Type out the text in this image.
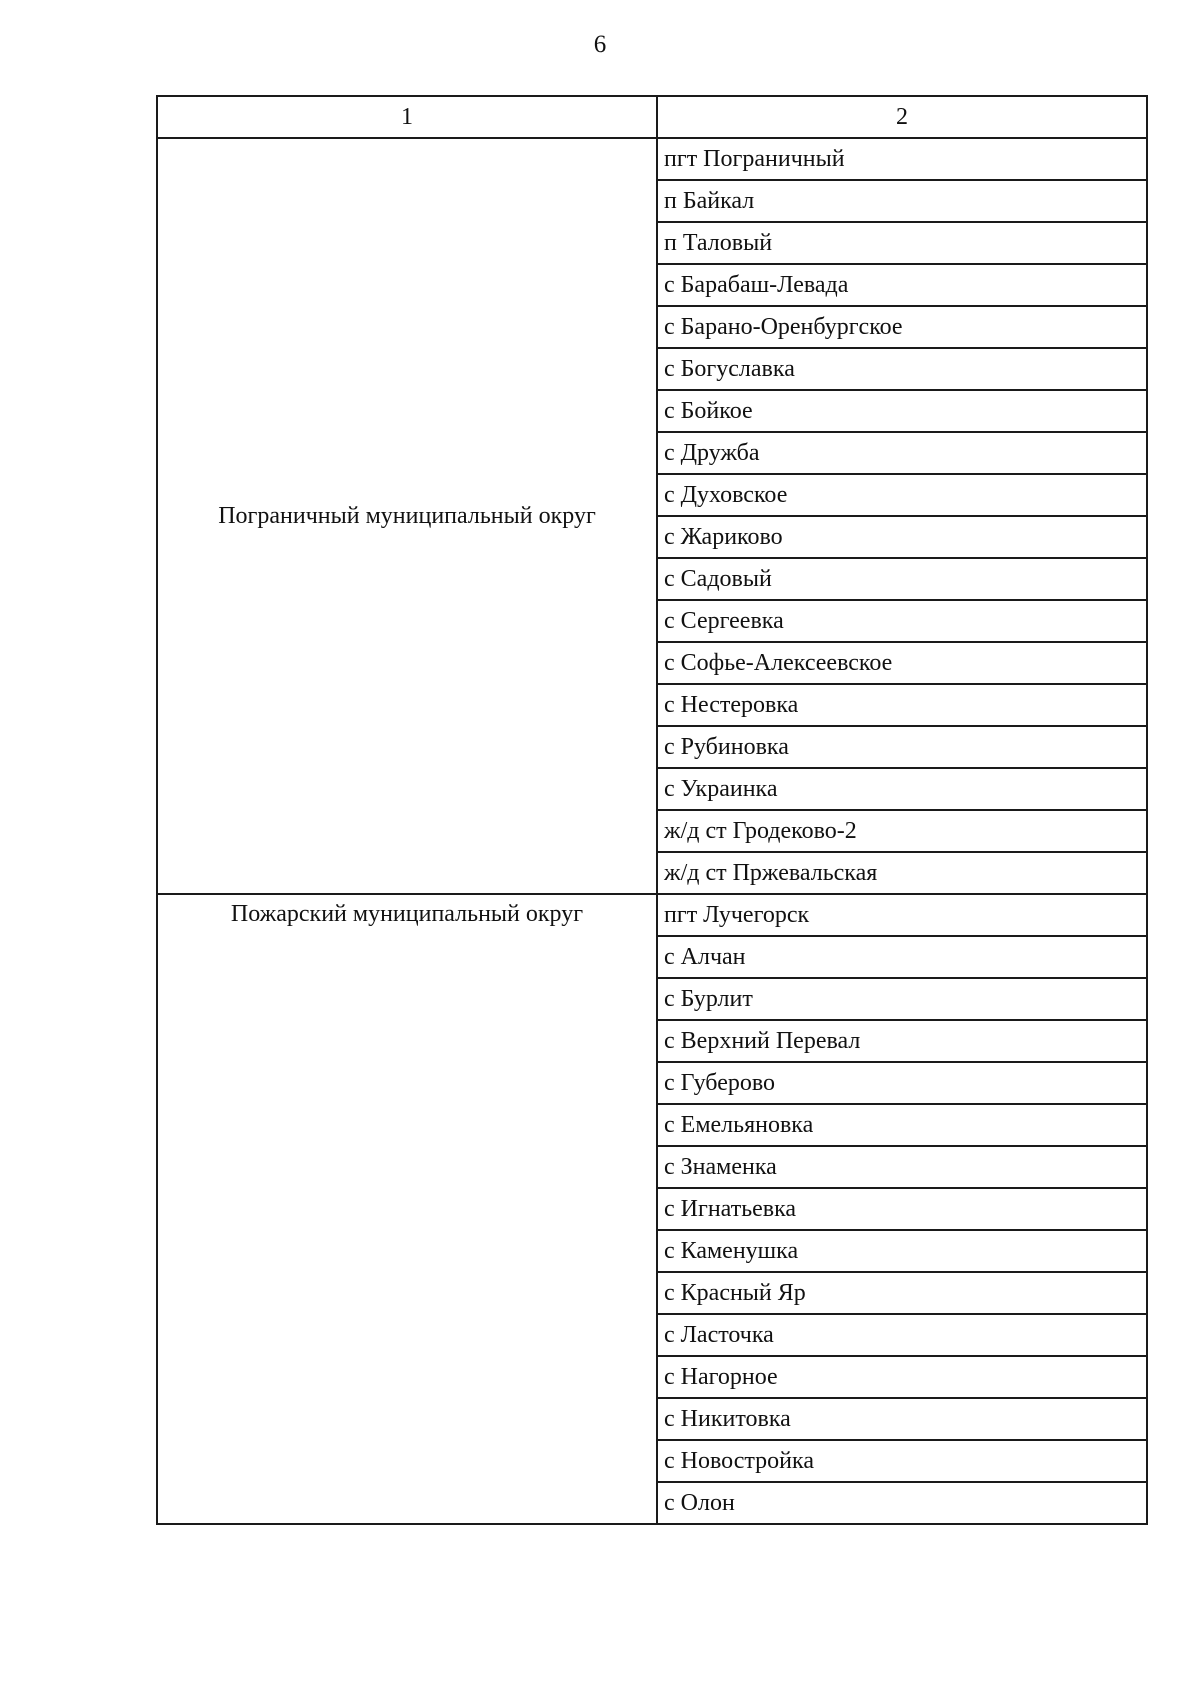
6
1	2
Пограничный муниципальный округ	пгт Пограничный
	п Байкал
	п Таловый
	с Барабаш-Левада
	с Барано-Оренбургское
	с Богуславка
	с Бойкое
	с Дружба
	с Духовское
	с Жариково
	с Садовый
	с Сергеевка
	с Софье-Алексеевское
	с Нестеровка
	с Рубиновка
	с Украинка
	ж/д ст Гродеково-2
	ж/д ст Пржевальская
Пожарский муниципальный округ	пгт Лучегорск
	с Алчан
	с Бурлит
	с Верхний Перевал
	с Губерово
	с Емельяновка
	с Знаменка
	с Игнатьевка
	с Каменушка
	с Красный Яр
	с Ласточка
	с Нагорное
	с Никитовка
	с Новостройка
	с Олон
